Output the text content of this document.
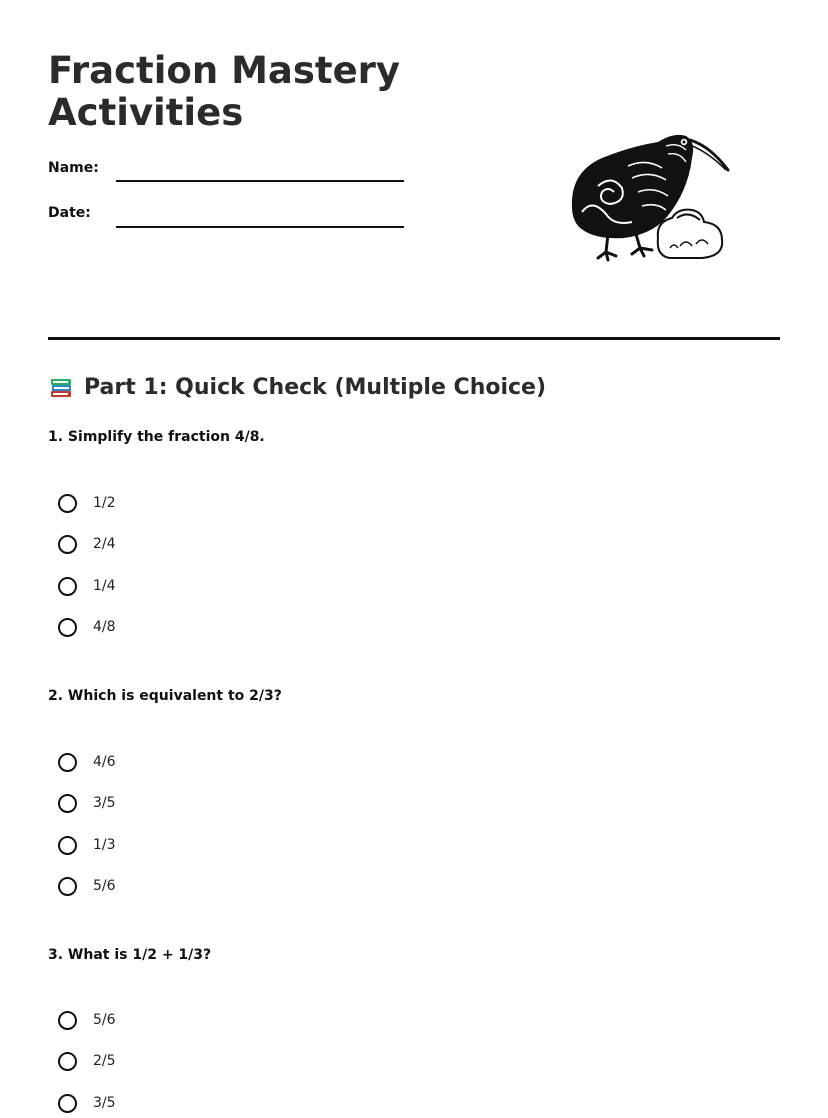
Fraction Mastery Activities
Name:
Date:
Part 1: Quick Check (Multiple Choice)
1. Simplify the fraction 4/8.
1/2
2/4
1/4
4/8
2. Which is equivalent to 2/3?
4/6
3/5
1/3
5/6
3. What is 1/2 + 1/3?
5/6
2/5
3/5
